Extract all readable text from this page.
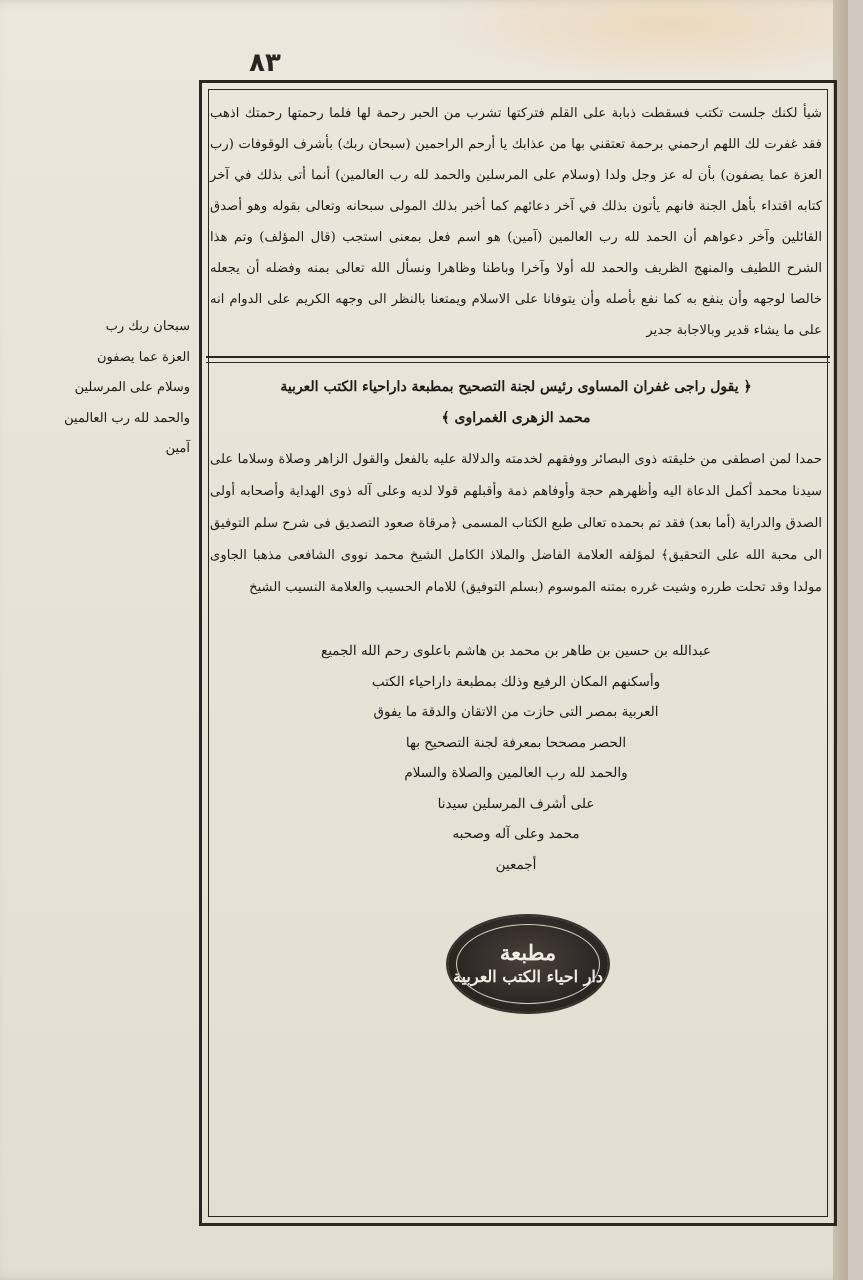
٨٣
سبحان ربك رب
العزة عما يصفون
وسلام على المرسلين
والحمد لله رب العالمين
آمين
شيأ لكنك جلست تكتب فسقطت ذبابة على القلم فتركتها تشرب من الحبر رحمة لها فلما رحمتها رحمتك اذهب فقد غفرت لك اللهم ارحمني برحمة تعتقني بها من عذابك يا أرحم الراحمين (سبحان ربك) بأشرف الوقوفات (رب العزة عما يصفون) بأن له عز وجل ولدا (وسلام على المرسلين والحمد لله رب العالمين) أنما أتى بذلك في آخر كتابه اقتداء بأهل الجنة فانهم يأتون بذلك في آخر دعائهم كما أخبر بذلك المولى سبحانه وتعالى بقوله وهو أصدق القائلين وآخر دعواهم أن الحمد لله رب العالمين (آمين) هو اسم فعل بمعنى استجب (قال المؤلف) وتم هذا الشرح اللطيف والمنهج الظريف والحمد لله أولا وآخرا وباطنا وظاهرا ونسأل الله تعالى بمنه وفضله أن يجعله خالصا لوجهه وأن ينفع به كما نفع بأصله وأن يتوفانا على الاسلام ويمتعنا بالنظر الى وجهه الكريم على الدوام انه على ما يشاء قدير وبالاجابة جدير
﴿ يقول راجى غفران المساوى رئيس لجنة التصحيح بمطبعة داراحياء الكتب العربية
محمد الزهرى الغمراوى ﴾
حمدا لمن اصطفى من خليقته ذوى البصائر ووفقهم لخدمته والدلالة عليه بالفعل والقول الزاهر وصلاة وسلاما على سيدنا محمد أكمل الدعاة اليه وأظهرهم حجة وأوفاهم ذمة وأقبلهم قولا لديه وعلى آله ذوى الهداية وأصحابه أولى الصدق والدراية (أما بعد) فقد تم بحمده تعالى طبع الكتاب المسمى ﴿مرقاة صعود التصديق فى شرح سلم التوفيق الى محبة الله على التحقيق﴾ لمؤلفه العلامة الفاضل والملاذ الكامل الشيخ محمد نووى الشافعى مذهبا الجاوى مولدا وقد تحلت طرره وشيت غرره بمتنه الموسوم (بسلم التوفيق) للامام الحسيب والعلامة النسيب الشيخ
عبدالله بن حسين بن طاهر بن محمد بن هاشم باعلوى رحم الله الجميع
وأسكنهم المكان الرفيع وذلك بمطبعة داراحياء الكتب
العربية بمصر التى حازت من الاتقان والدقة ما يفوق
الحصر مصححا بمعرفة لجنة التصحيح بها
والحمد لله رب العالمين والصلاة والسلام
على أشرف المرسلين سيدنا
محمد وعلى آله وصحبه
أجمعين
مطبعة
دار احياء الكتب العربية
